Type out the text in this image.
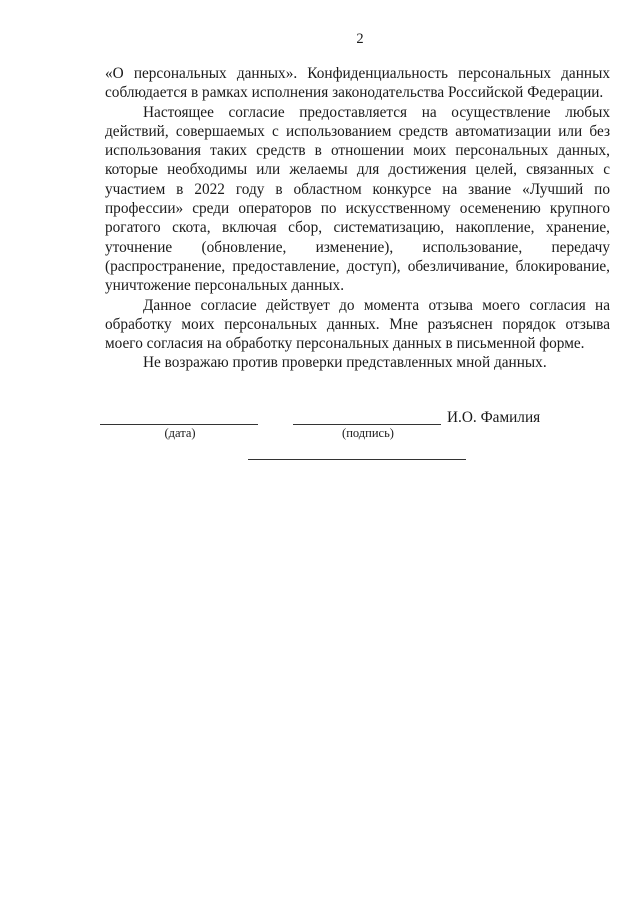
2

«О персональных данных». Конфиденциальность персональных данных соблюдается в рамках исполнения законодательства Российской Федерации.

Настоящее согласие предоставляется на осуществление любых действий, совершаемых с использованием средств автоматизации или без использования таких средств в отношении моих персональных данных, которые необходимы или желаемы для достижения целей, связанных с участием в 2022 году в областном конкурсе на звание «Лучший по профессии» среди операторов по искусственному осеменению крупного рогатого скота, включая сбор, систематизацию, накопление, хранение, уточнение (обновление, изменение), использование, передачу (распространение, предоставление, доступ), обезличивание, блокирование, уничтожение персональных данных.

Данное согласие действует до момента отзыва моего согласия на обработку моих персональных данных. Мне разъяснен порядок отзыва моего согласия на обработку персональных данных в письменной форме.

Не возражаю против проверки представленных мной данных.

(дата)	(подпись)
И.О. Фамилия
